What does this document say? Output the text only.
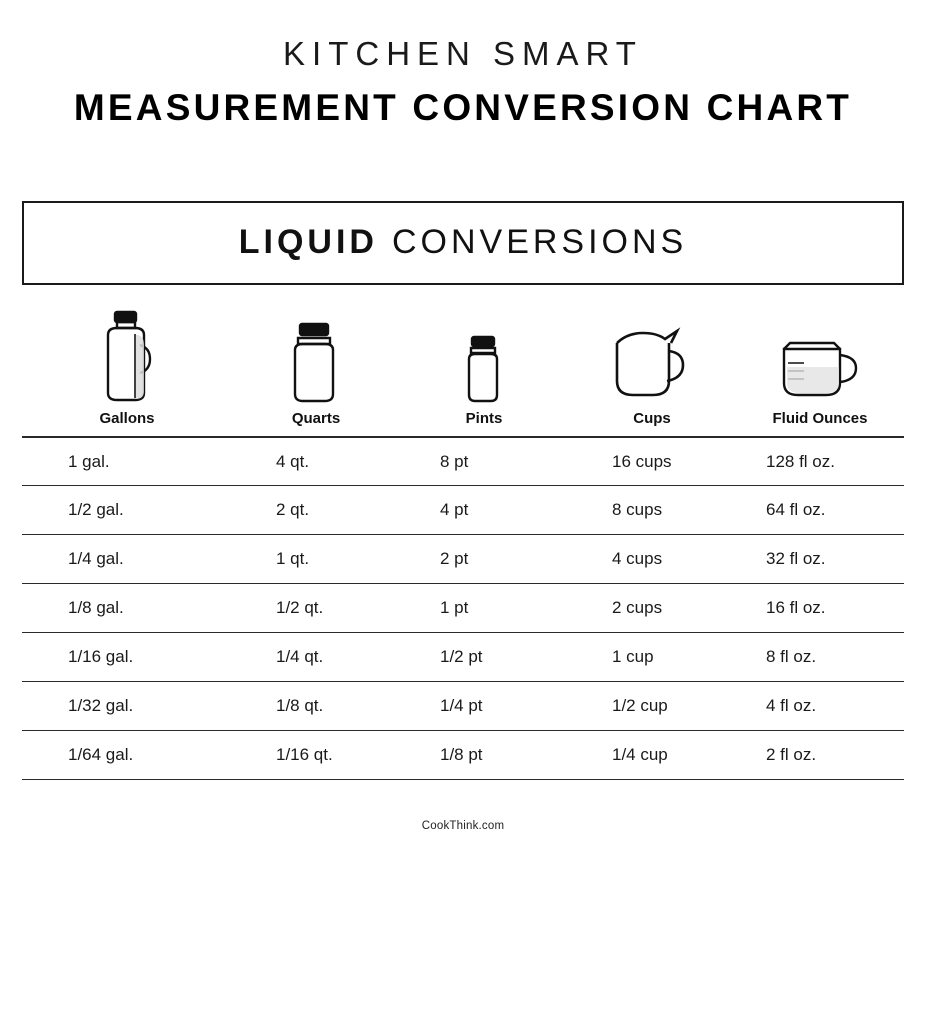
KITCHEN SMART
MEASUREMENT CONVERSION CHART
LIQUID CONVERSIONS
Gallons	Quarts	Pints	Cups	Fluid Ounces
1 gal.	4 qt.	8 pt	16 cups	128 fl oz.
1/2 gal.	2 qt.	4 pt	8 cups	64 fl oz.
1/4 gal.	1 qt.	2 pt	4 cups	32 fl oz.
1/8 gal.	1/2 qt.	1 pt	2 cups	16 fl oz.
1/16 gal.	1/4 qt.	1/2 pt	1 cup	8 fl oz.
1/32 gal.	1/8 qt.	1/4 pt	1/2 cup	4 fl oz.
1/64 gal.	1/16 qt.	1/8 pt	1/4 cup	2 fl oz.
CookThink.com
